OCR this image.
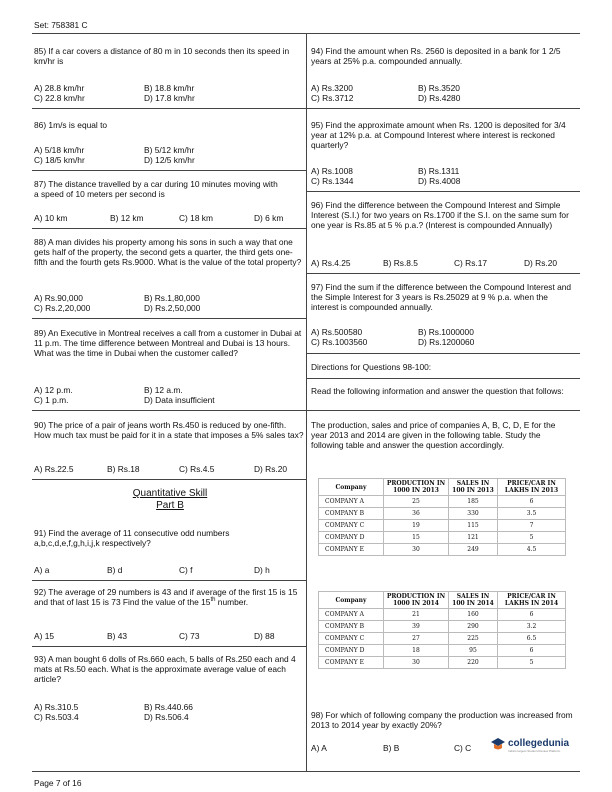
Set: 758381 C

85) If a car covers a distance of 80 m in 10 seconds then its speed in km/hr is

A) 28.8 km/hr	B) 18.8 km/hr
C) 22.8 km/hr	D) 17.8 km/hr

86) 1m/s is equal to

A) 5/18 km/hr	B) 5/12 km/hr
C) 18/5 km/hr	D) 12/5 km/hr

87) The distance travelled by a car during 10 minutes moving with a speed of 10 meters per second is

A) 10 km	B) 12 km	C) 18 km	D) 6 km

88) A man divides his property among his sons in such a way that one gets half of the property, the second gets a quarter, the third gets one-fifth and the fourth gets Rs.9000. What is the value of the total property?

A) Rs.90,000	B) Rs.1,80,000
C) Rs.2,20,000	D) Rs.2,50,000

89) An Executive in Montreal receives a call from a customer in Dubai at 11 p.m. The time difference between Montreal and Dubai is 13 hours. What was the time in Dubai when the customer called?

A) 12 p.m.	B) 12 a.m.
C) 1 p.m.	D) Data insufficient

90) The price of a pair of jeans worth Rs.450 is reduced by one-fifth. How much tax must be paid for it in a state that imposes a 5% sales tax?

A) Rs.22.5	B) Rs.18	C) Rs.4.5	D) Rs.20
Quantitative Skill
Part B

91) Find the average of 11 consecutive odd numbers a,b,c,d,e,f,g,h,i,j,k respectively?

A) a	B) d	C) f	D) h

92) The average of 29 numbers is 43 and if average of the first 15 is 15 and that of last 15 is 73 Find the value of the 15th number.

A) 15	B) 43	C) 73	D) 88

93) A man bought 6 dolls of Rs.660 each, 5 balls of Rs.250 each and 4 mats at Rs.50 each. What is the approximate average value of each article?

A) Rs.310.5	B) Rs.440.66
C) Rs.503.4	D) Rs.506.4

94) Find the amount when Rs. 2560 is deposited in a bank for 1 2/5 years at 25% p.a. compounded annually.

A) Rs.3200	B) Rs.3520
C) Rs.3712	D) Rs.4280

95) Find the approximate amount when Rs. 1200 is deposited for 3/4 year at 12% p.a. at Compound Interest where interest is reckoned quarterly?

A) Rs.1008	B) Rs.1311
C) Rs.1344	D) Rs.4008

96) Find the difference between the Compound Interest and Simple Interest (S.I.) for two years on Rs.1700 if the S.I. on the same sum for one year is Rs.85 at 5 % p.a.? (Interest is compounded Annually)

A) Rs.4.25	B) Rs.8.5	C) Rs.17	D) Rs.20

97) Find the sum if the difference between the Compound Interest and the Simple Interest for 3 years is Rs.25029 at 9 % p.a. when the interest is compounded annually.

A) Rs.500580	B) Rs.1000000
C) Rs.1003560	D) Rs.1200060

Directions for Questions 98-100:

Read the following information and answer the question that follows:

The production, sales and price of companies A, B, C, D, E for the year 2013 and 2014 are given in the following table. Study the following table and answer the question accordingly.

Company	PRODUCTION IN 1000 IN 2013	SALES IN 100 IN 2013	PRICE/CAR IN LAKHS IN 2013
COMPANY A	25	185	6
COMPANY B	36	330	3.5
COMPANY C	19	115	7
COMPANY D	15	121	5
COMPANY E	30	249	4.5
Company	PRODUCTION IN 1000 IN 2014	SALES IN 100 IN 2014	PRICE/CAR IN LAKHS IN 2014
COMPANY A	21	160	6
COMPANY B	39	290	3.2
COMPANY C	27	225	6.5
COMPANY D	18	95	6
COMPANY E	30	220	5

98) For which of following company the production was increased from 2013 to 2014 year by exactly 20%?

A) A	B) B	C) C	collegedunia
India's largest Student Review Platform
Page 7 of 16
